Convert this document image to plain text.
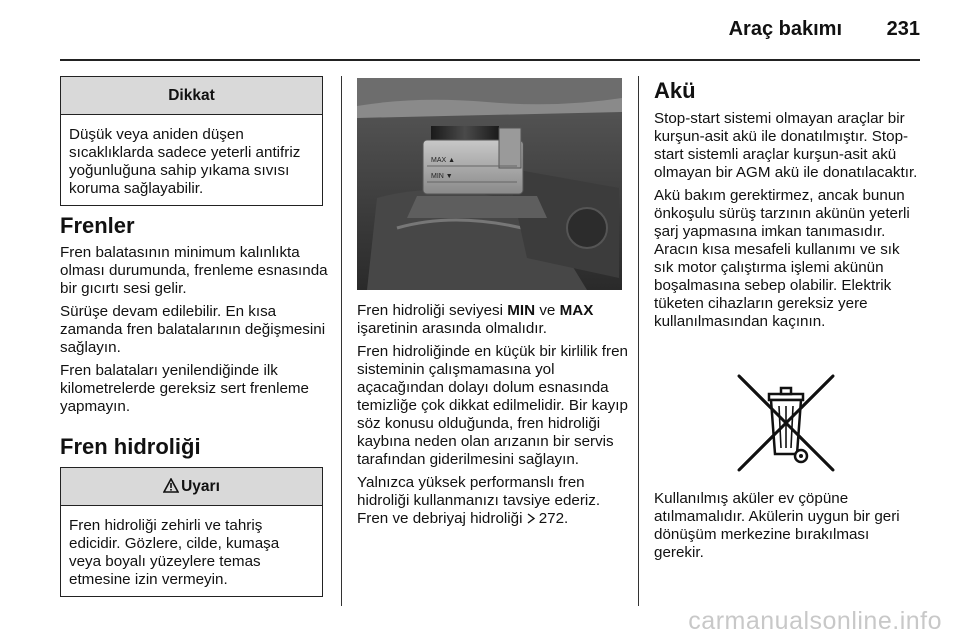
Araç bakımı 231
Dikkat
Düşük veya aniden düşen sıcaklıklarda sadece yeterli antifriz yoğunluğuna sahip yıkama sıvısı koruma sağlayabilir.
Frenler

Fren balatasının minimum kalınlıkta olması durumunda, frenleme esnasında bir gıcırtı sesi gelir.

Sürüşe devam edilebilir. En kısa zamanda fren balatalarının değişmesini sağlayın.

Fren balataları yenilendiğinde ilk kilometrelerde gereksiz sert frenleme yapmayın.

Fren hidroliği
Uyarı
Fren hidroliği zehirli ve tahriş edicidir. Gözlere, cilde, kumaşa veya boyalı yüzeylere temas etmesine izin vermeyin.
MAX ▲
MIN ▼

Fren hidroliği seviyesi MIN ve MAX işaretinin arasında olmalıdır.

Fren hidroliğinde en küçük bir kirlilik fren sisteminin çalışmamasına yol açacağından dolayı dolum esnasında temizliğe çok dikkat edilmelidir. Bir kayıp söz konusu olduğunda, fren hidroliği kaybına neden olan arızanın bir servis tarafından giderilmesini sağlayın.

Yalnızca yüksek performanslı fren hidroliği kullanmanızı tavsiye ederiz. Fren ve debriyaj hidroliği 272.

Akü

Stop-start sistemi olmayan araçlar bir kurşun-asit akü ile donatılmıştır. Stop-start sistemli araçlar kurşun-asit akü olmayan bir AGM akü ile donatılacaktır.

Akü bakım gerektirmez, ancak bunun önkoşulu sürüş tarzının akünün yeterli şarj yapmasına imkan tanımasıdır. Aracın kısa mesafeli kullanımı ve sık sık motor çalıştırma işlemi akünün boşalmasına sebep olabilir. Elektrik tüketen cihazların gereksiz yere kullanılmasından kaçının.

Kullanılmış aküler ev çöpüne atılmamalıdır. Akülerin uygun bir geri dönüşüm merkezine bırakılması gerekir.

carmanualsonline.info
